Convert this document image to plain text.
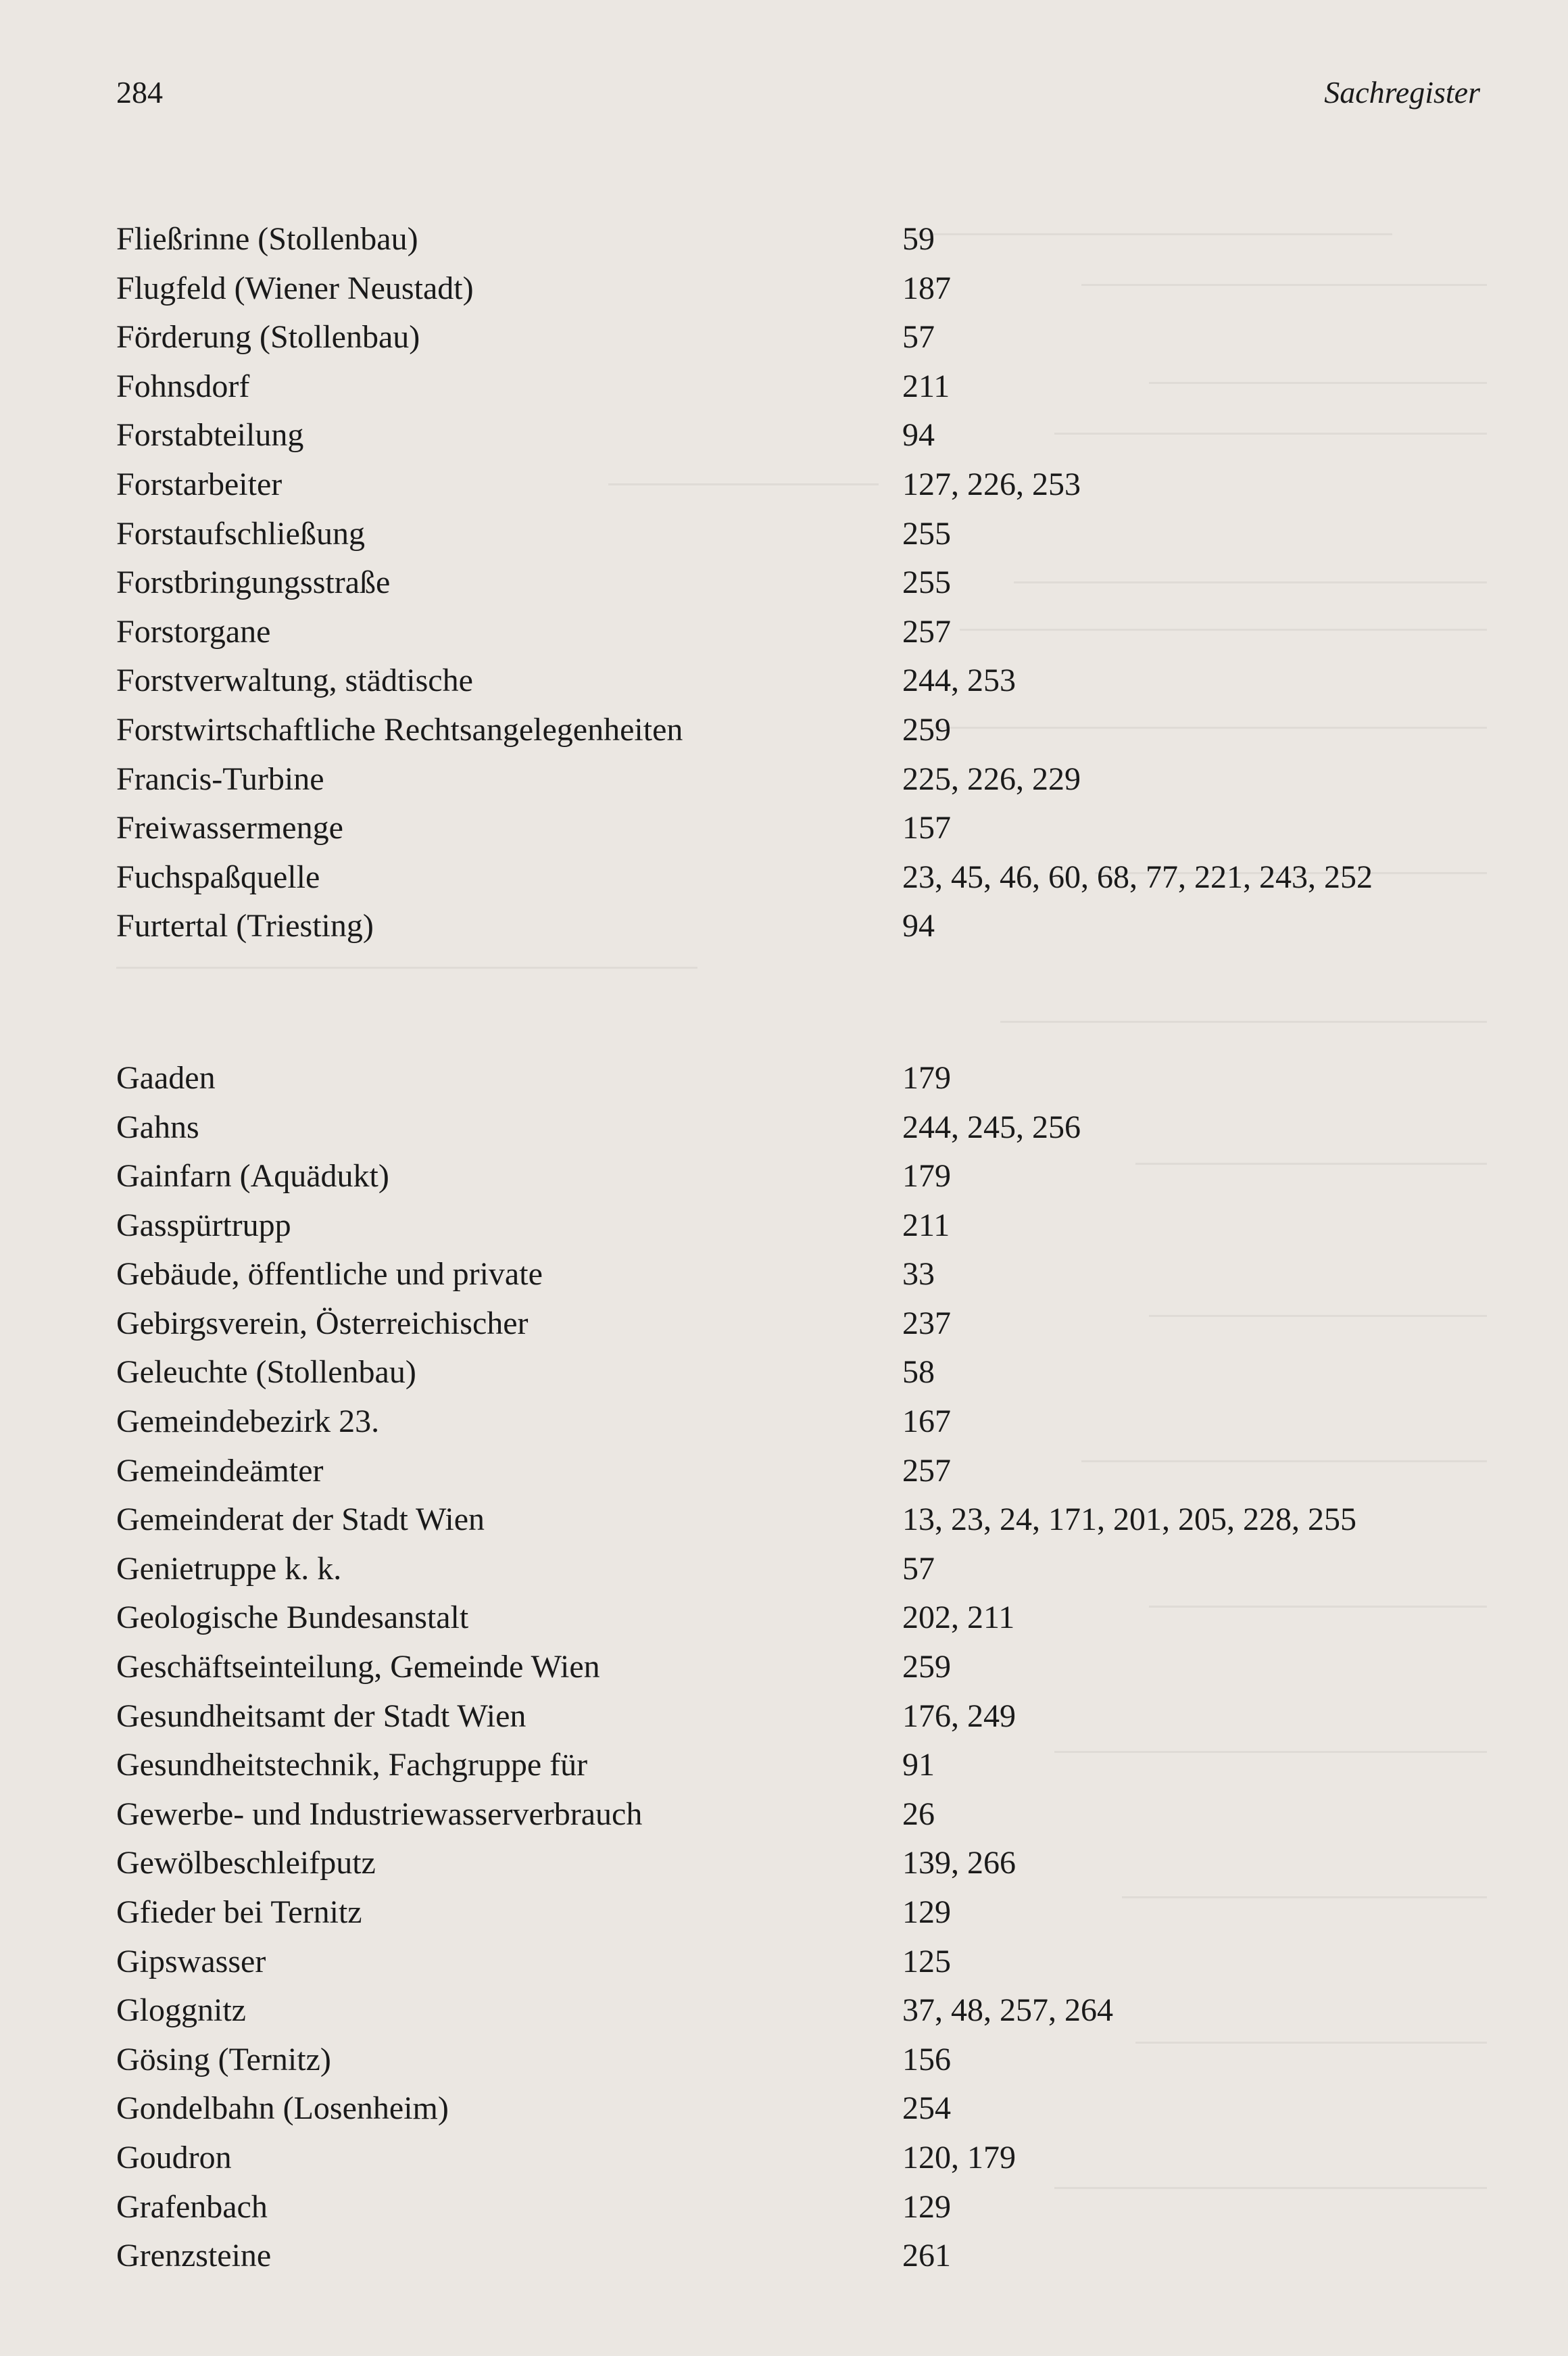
284	Sachregister
Fließrinne (Stollenbau)	59
Flugfeld (Wiener Neustadt)	187
Förderung (Stollenbau)	57
Fohnsdorf	211
Forstabteilung	94
Forstarbeiter	127, 226, 253
Forstaufschließung	255
Forstbringungsstraße	255
Forstorgane	257
Forstverwaltung, städtische	244, 253
Forstwirtschaftliche Rechtsangelegenheiten	259
Francis-Turbine	225, 226, 229
Freiwassermenge	157
Fuchspaßquelle	23, 45, 46, 60, 68, 77, 221, 243, 252
Furtertal (Triesting)	94
Gaaden	179
Gahns	244, 245, 256
Gainfarn (Aquädukt)	179
Gasspürtrupp	211
Gebäude, öffentliche und private	33
Gebirgsverein, Österreichischer	237
Geleuchte (Stollenbau)	58
Gemeindebezirk 23.	167
Gemeindeämter	257
Gemeinderat der Stadt Wien	13, 23, 24, 171, 201, 205, 228, 255
Genietruppe k. k.	57
Geologische Bundesanstalt	202, 211
Geschäftseinteilung, Gemeinde Wien	259
Gesundheitsamt der Stadt Wien	176, 249
Gesundheitstechnik, Fachgruppe für	91
Gewerbe- und Industriewasserverbrauch	26
Gewölbeschleifputz	139, 266
Gfieder bei Ternitz	129
Gipswasser	125
Gloggnitz	37, 48, 257, 264
Gösing (Ternitz)	156
Gondelbahn (Losenheim)	254
Goudron	120, 179
Grafenbach	129
Grenzsteine	261
